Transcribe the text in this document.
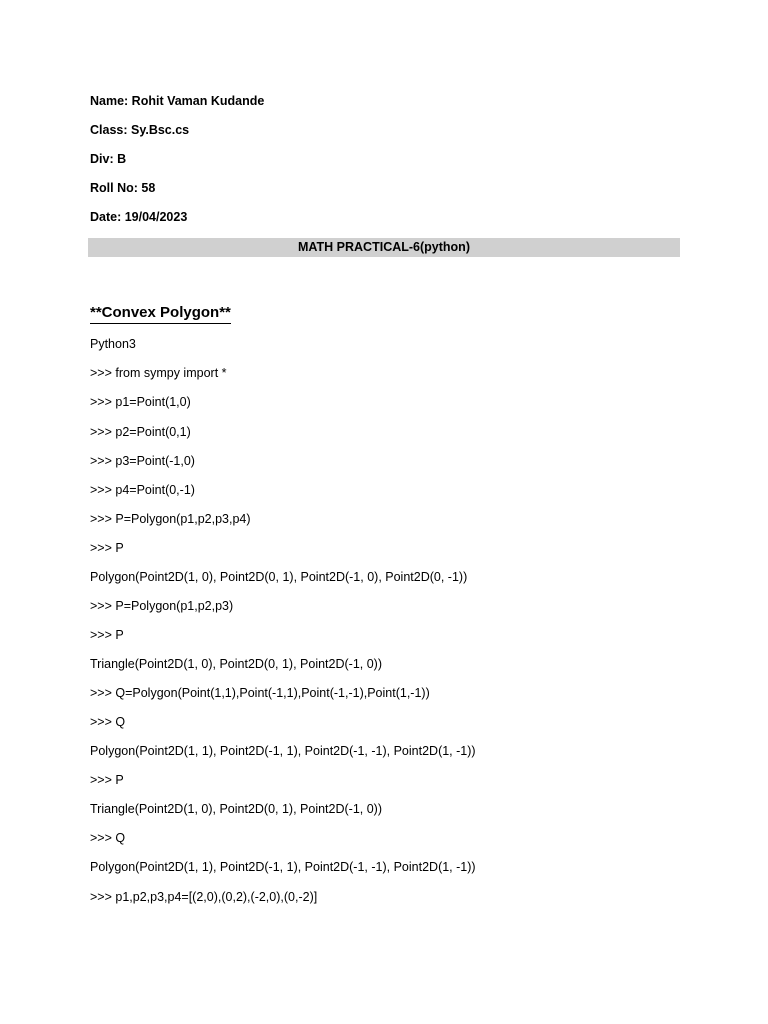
Name: Rohit Vaman Kudande
Class: Sy.Bsc.cs
Div: B
Roll No: 58
Date: 19/04/2023
MATH PRACTICAL-6(python)
**Convex Polygon**
Python3
>>> from sympy import *
>>> p1=Point(1,0)
>>> p2=Point(0,1)
>>> p3=Point(-1,0)
>>> p4=Point(0,-1)
>>> P=Polygon(p1,p2,p3,p4)
>>> P
Polygon(Point2D(1, 0), Point2D(0, 1), Point2D(-1, 0), Point2D(0, -1))
>>> P=Polygon(p1,p2,p3)
>>> P
Triangle(Point2D(1, 0), Point2D(0, 1), Point2D(-1, 0))
>>> Q=Polygon(Point(1,1),Point(-1,1),Point(-1,-1),Point(1,-1))
>>> Q
Polygon(Point2D(1, 1), Point2D(-1, 1), Point2D(-1, -1), Point2D(1, -1))
>>> P
Triangle(Point2D(1, 0), Point2D(0, 1), Point2D(-1, 0))
>>> Q
Polygon(Point2D(1, 1), Point2D(-1, 1), Point2D(-1, -1), Point2D(1, -1))
>>> p1,p2,p3,p4=[(2,0),(0,2),(-2,0),(0,-2)]
